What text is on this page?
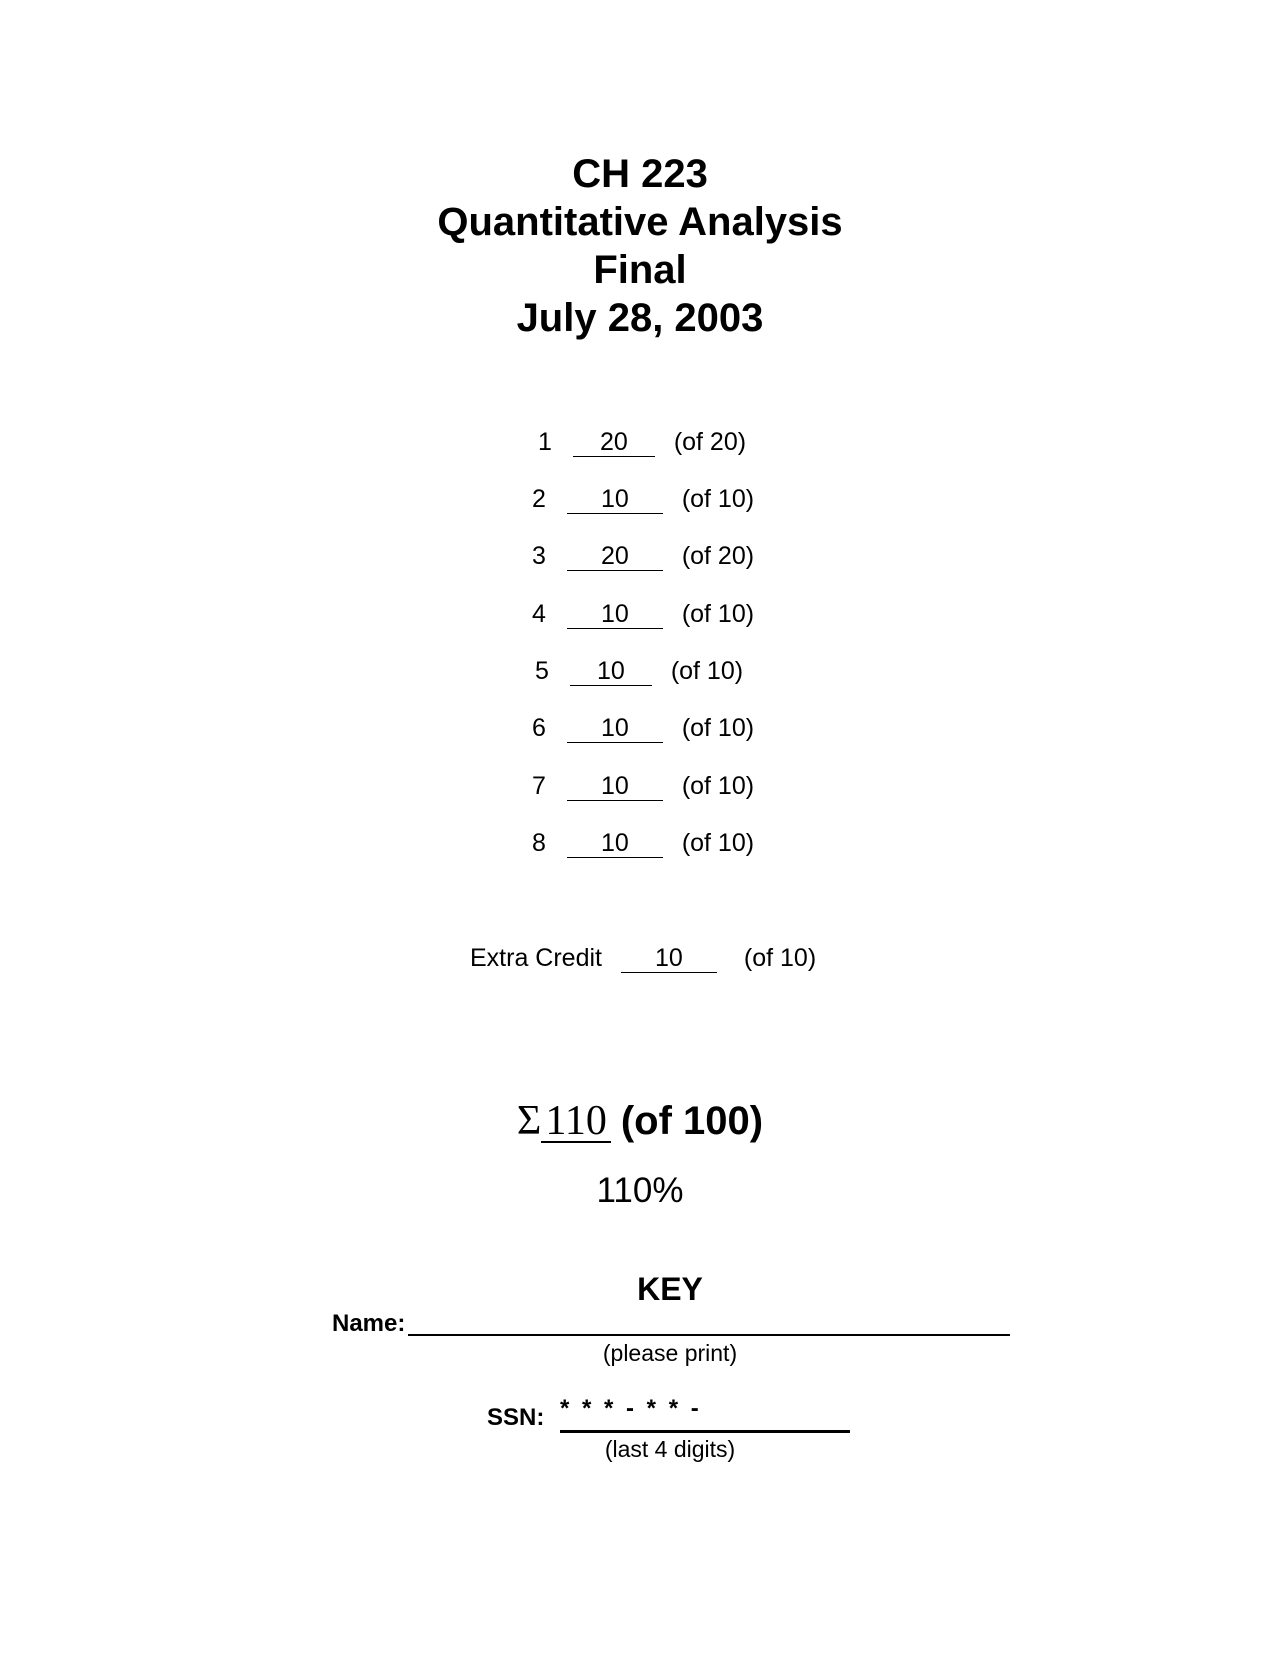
CH 223
Quantitative Analysis
Final
July 28, 2003
1 20 (of 20)
2 10 (of 10)
3 20 (of 20)
4 10 (of 10)
5 10 (of 10)
6 10 (of 10)
7 10 (of 10)
8 10 (of 10)
Extra Credit 10 (of 10)
Σ110 (of 100)
110%
KEY
Name:
(please print)
SSN: * * * - * * -
(last 4 digits)
